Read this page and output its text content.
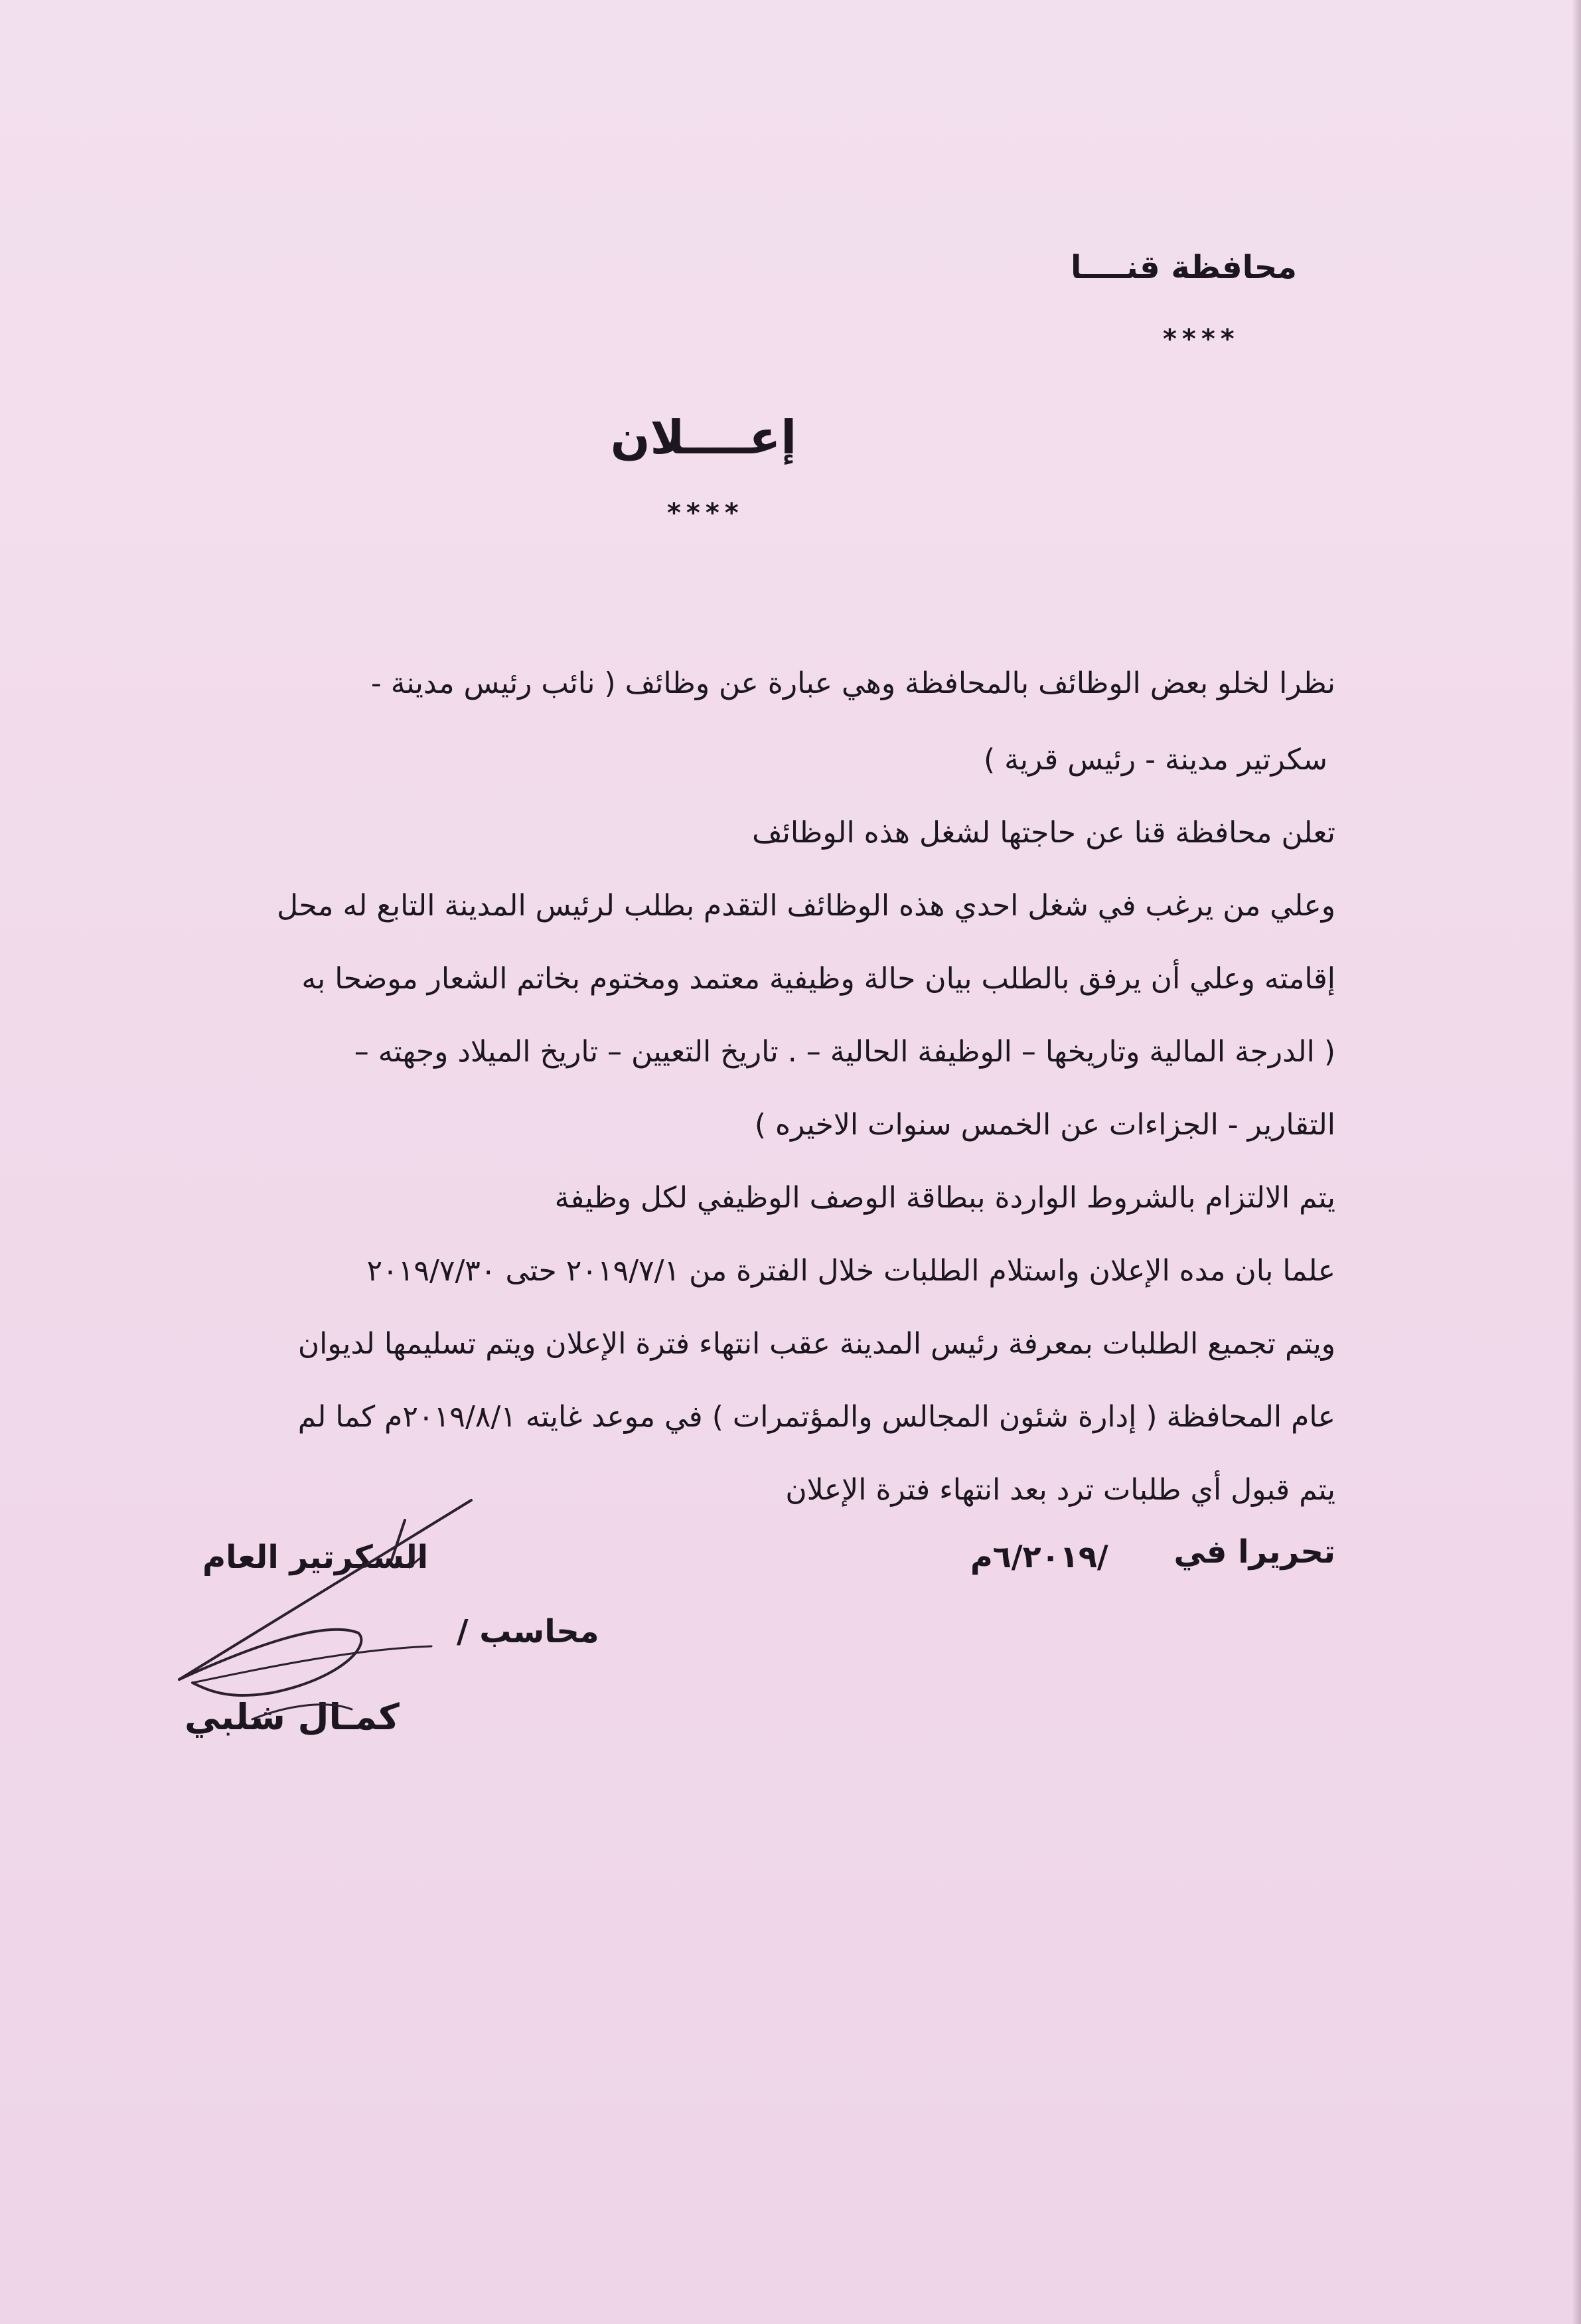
محافظة قنــــا
****
إعــــلان
****
نظرا لخلو بعض الوظائف بالمحافظة وهي عبارة عن وظائف ( نائب رئيس مدينة -
سكرتير مدينة - رئيس قرية )
تعلن محافظة قنا عن حاجتها لشغل هذه الوظائف
وعلي من يرغب في شغل احدي هذه الوظائف التقدم بطلب لرئيس المدينة التابع له محل
إقامته وعلي أن يرفق بالطلب بيان حالة وظيفية معتمد ومختوم بخاتم الشعار موضحا به
( الدرجة المالية وتاريخها – الوظيفة الحالية – . تاريخ التعيين – تاريخ الميلاد وجهته –
التقارير - الجزاءات عن الخمس سنوات الاخيره )
يتم الالتزام بالشروط الواردة ببطاقة الوصف الوظيفي لكل وظيفة
علما بان مده الإعلان واستلام الطلبات خلال الفترة من ٢٠١٩/٧/١ حتى ٢٠١٩/٧/٣٠
ويتم تجميع الطلبات بمعرفة رئيس المدينة عقب انتهاء فترة الإعلان ويتم تسليمها لديوان
عام المحافظة ( إدارة شئون المجالس والمؤتمرات ) في موعد غايته ٢٠١٩/٨/١م كما لم
يتم قبول أي طلبات ترد بعد انتهاء فترة الإعلان
تحريرا في
/٦/٢٠١٩م
السكرتير العام
محاسب /
كمـال شلبي
